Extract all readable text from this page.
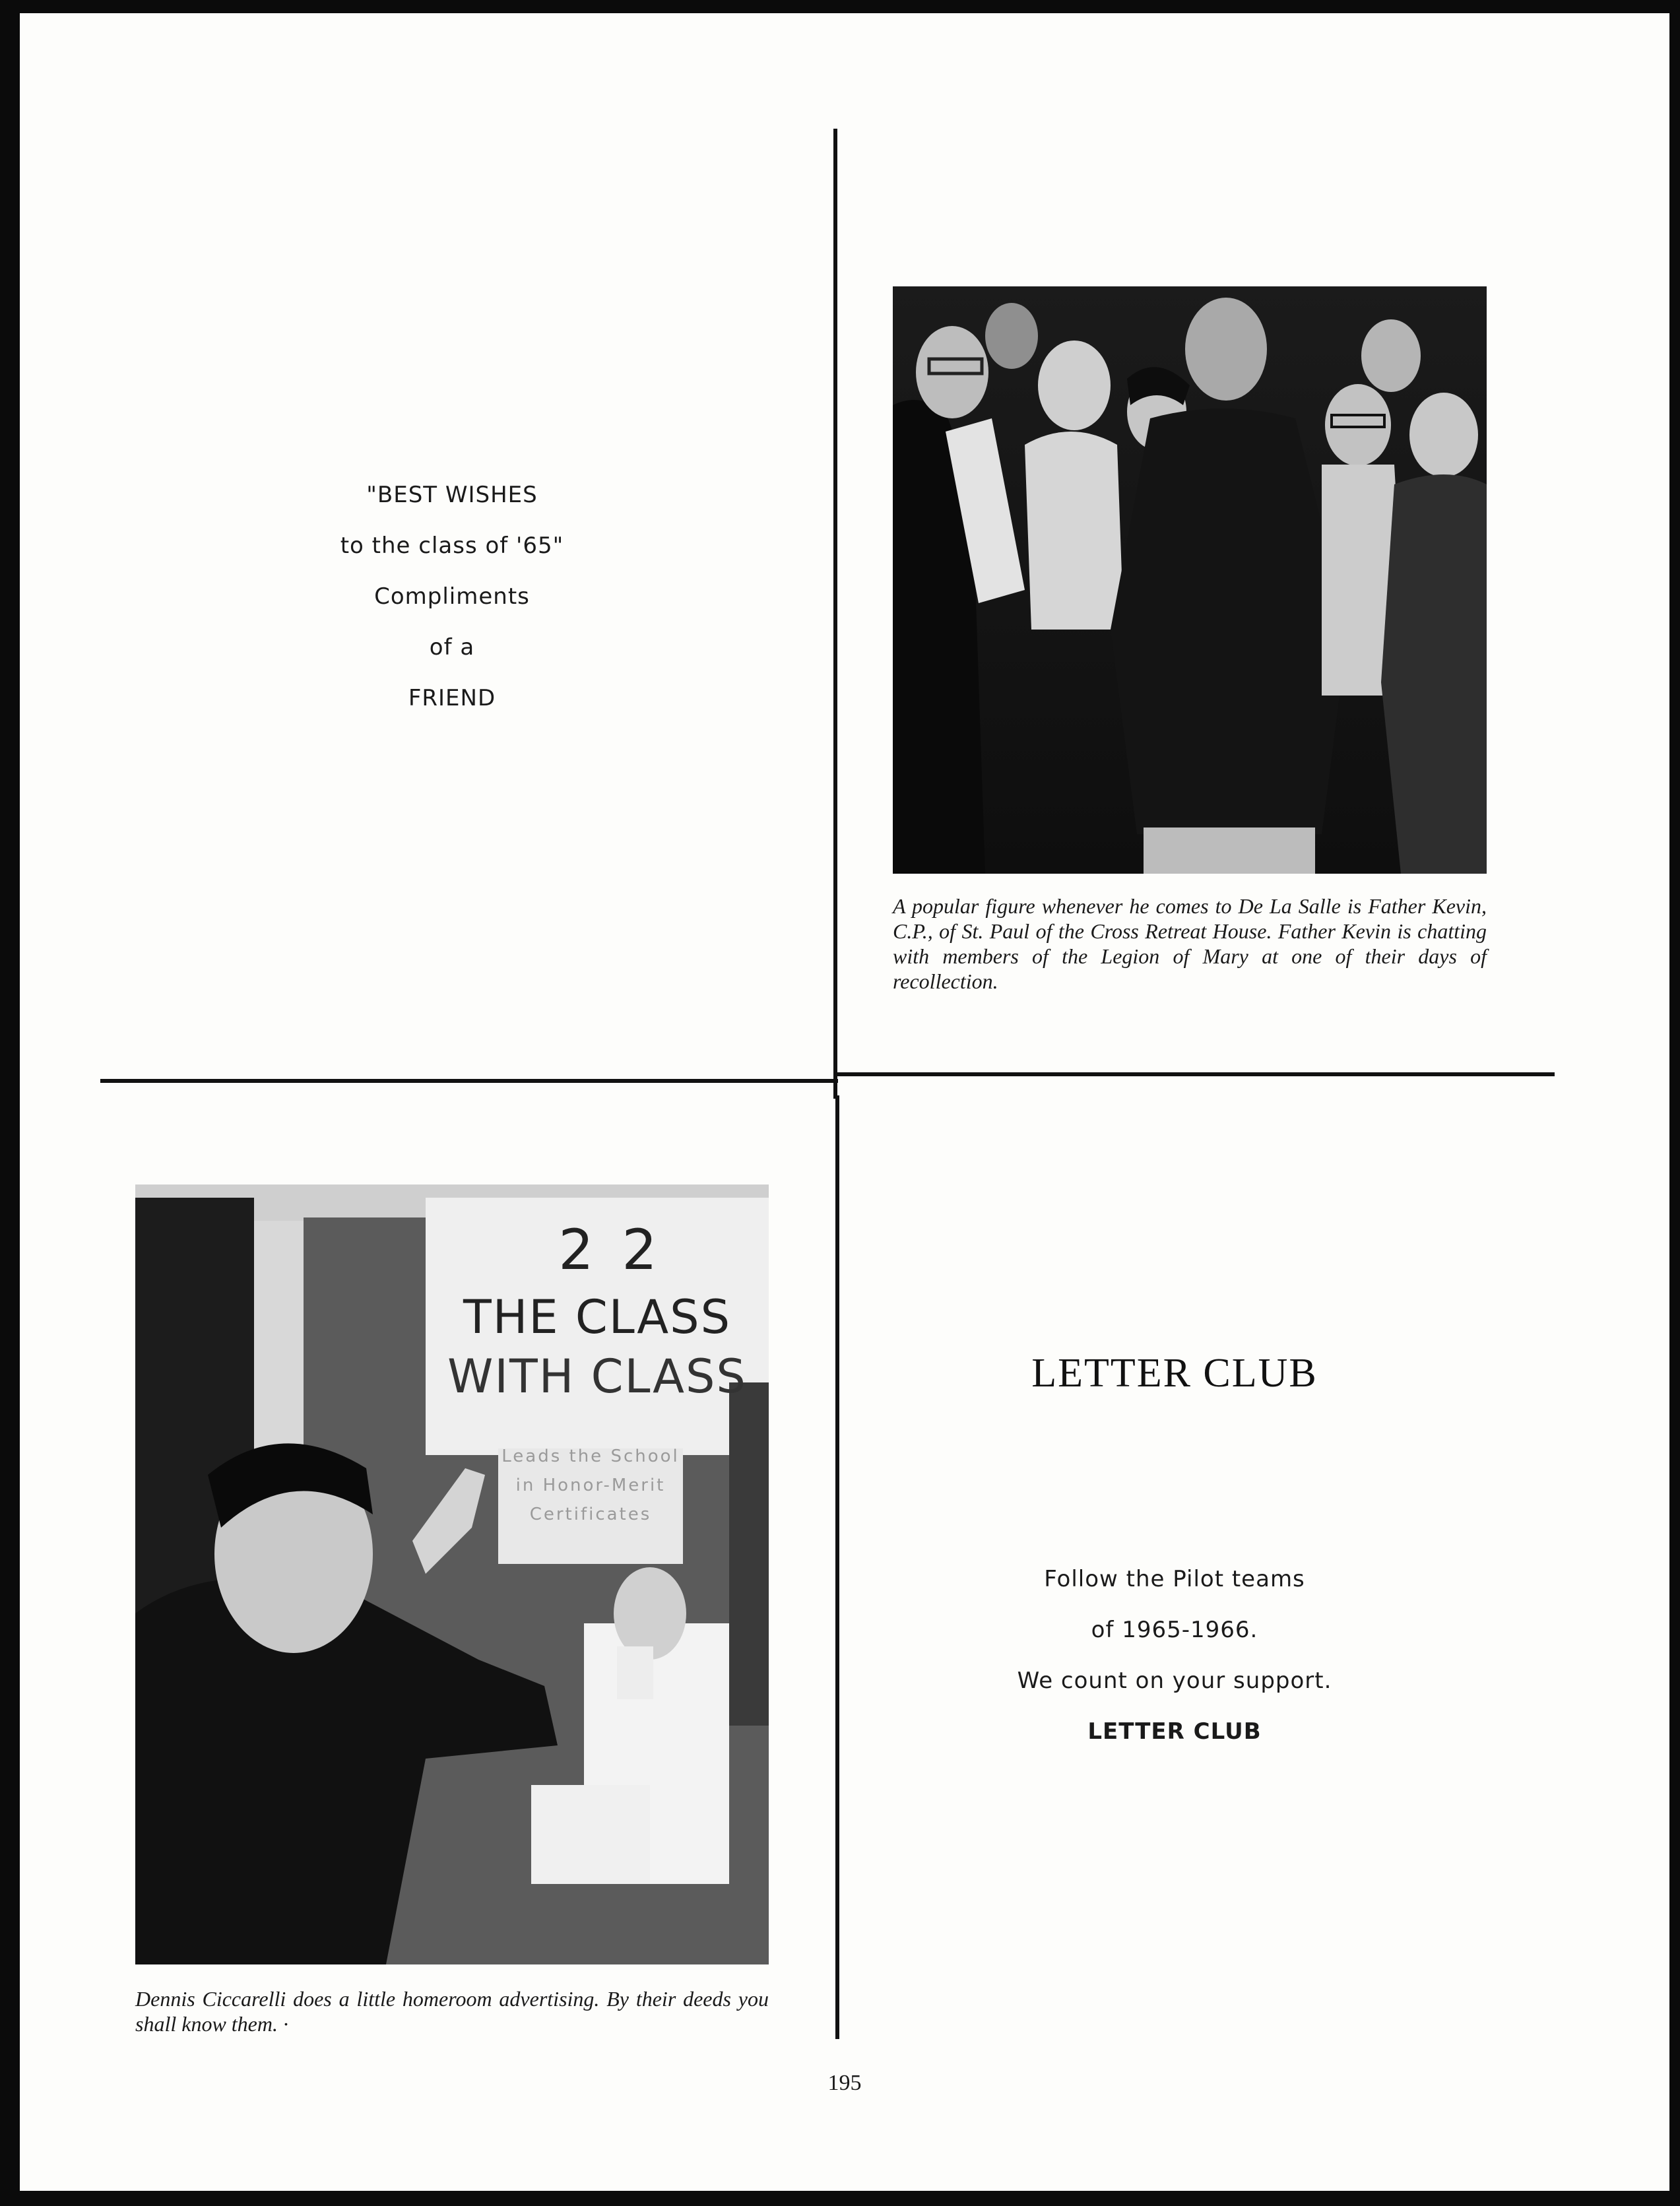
"BEST WISHES
to the class of '65"
Compliments
of a
FRIEND
A popular figure whenever he comes to De La Salle is Father Kevin, C.P., of St. Paul of the Cross Retreat House. Father Kevin is chatting with members of the Legion of Mary at one of their days of recollection.
2 2
THE CLASS
WITH CLASS
Leads the School in Honor-Merit Certificates
Dennis Ciccarelli does a little homeroom advertising. By their deeds you shall know them. ·
LETTER CLUB
Follow the Pilot teams
of 1965-1966.
We count on your support.
LETTER CLUB
195
